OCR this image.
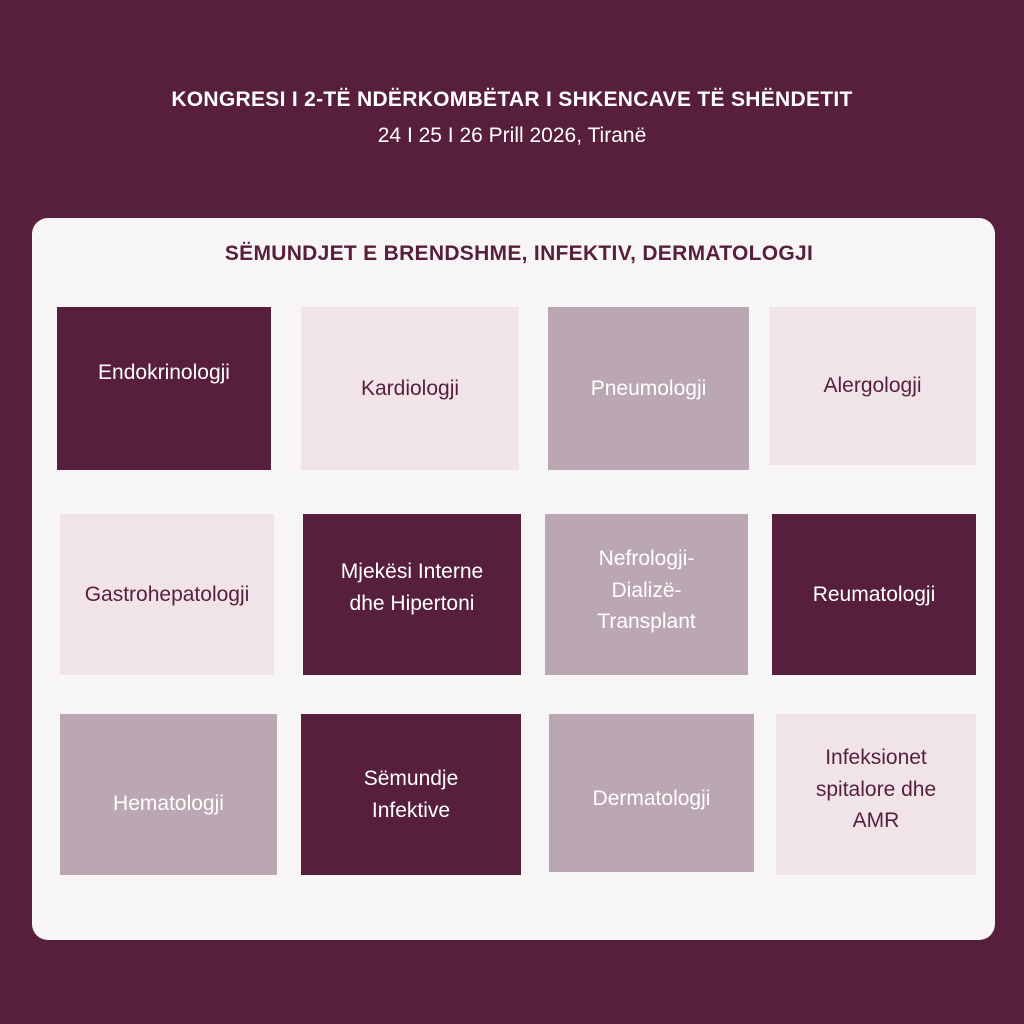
KONGRESI I 2-TË NDËRKOMBËTAR I SHKENCAVE TË SHËNDETIT
24 I 25 I 26 Prill 2026, Tiranë
SËMUNDJET E BRENDSHME, INFEKTIV, DERMATOLOGJI
Endokrinologji
Kardiologji	Pneumologji	Alergologji
Gastrohepatologji
Mjekësi Interne
dhe Hipertoni
Nefrologji-
Dializë-
Transplant
Reumatologji
Hematologji
Sëmundje
Infektive	Dermatologji
Infeksionet
spitalore dhe
AMR
